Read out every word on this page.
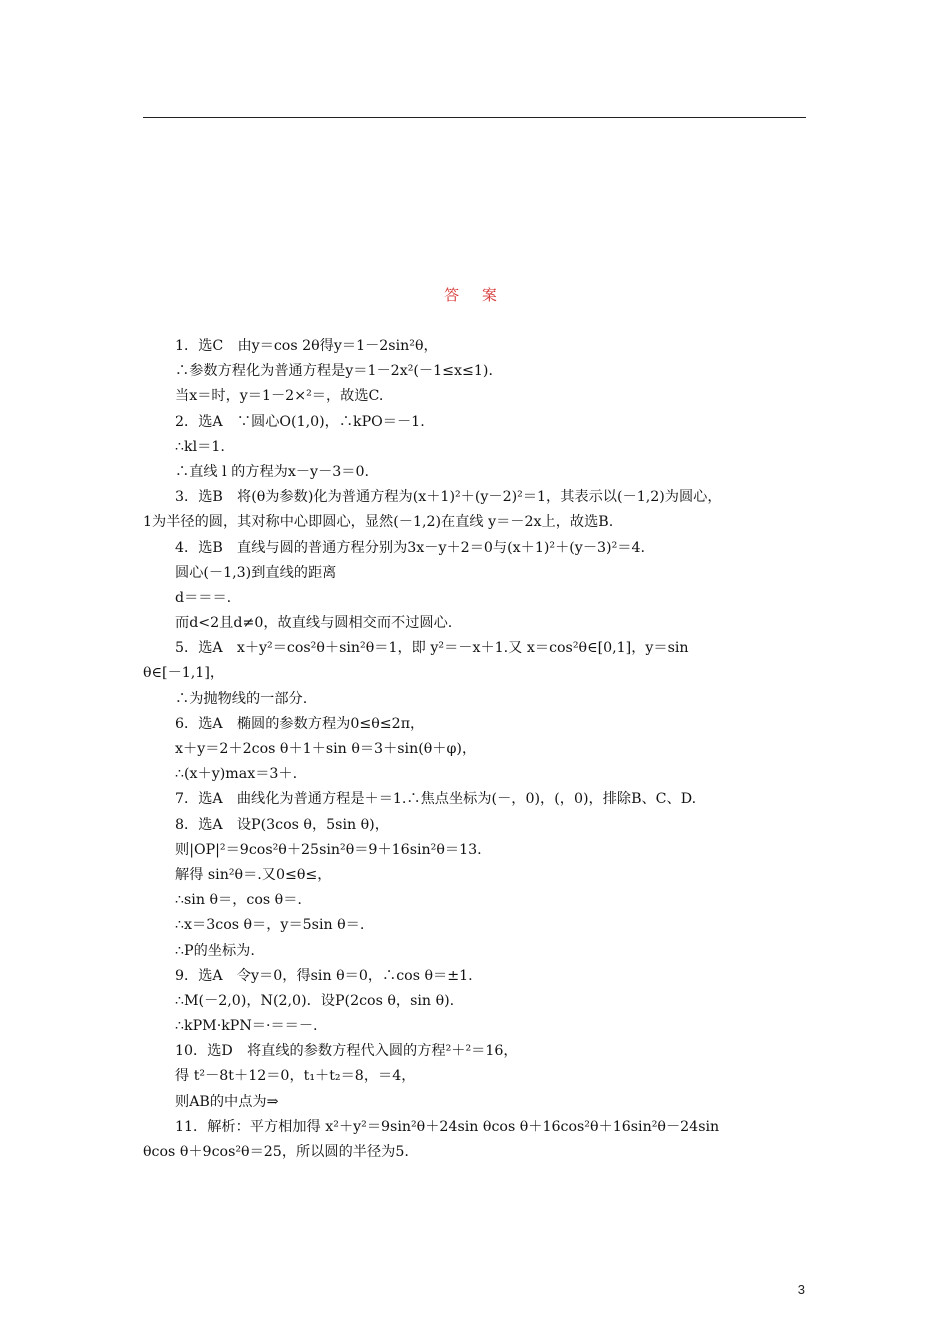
答 案
1．选C　由y＝cos 2θ得y＝1－2sin²θ，
∴参数方程化为普通方程是y＝1－2x²(－1≤x≤1)．
当x＝时，y＝1－2×²＝，故选C.
2．选A　∵圆心O(1,0)，∴kPO＝－1.
∴kl＝1.
∴直线 l 的方程为x－y－3＝0.
3．选B　将(θ为参数)化为普通方程为(x＋1)²＋(y－2)²＝1，其表示以(－1,2)为圆心，
1为半径的圆，其对称中心即圆心，显然(－1,2)在直线 y＝－2x上，故选B.
4．选B　直线与圆的普通方程分别为3x－y＋2＝0与(x＋1)²＋(y－3)²＝4.
圆心(－1,3)到直线的距离
d＝＝＝.
而d<2且d≠0，故直线与圆相交而不过圆心.
5．选A　x＋y²＝cos²θ＋sin²θ＝1，即 y²＝－x＋1.又 x＝cos²θ∈[0,1]，y＝sin
θ∈[－1,1]，
∴为抛物线的一部分.
6．选A　椭圆的参数方程为0≤θ≤2π，
x＋y＝2＋2cos θ＋1＋sin θ＝3＋sin(θ＋φ)，
∴(x＋y)max＝3＋.
7．选A　曲线化为普通方程是＋＝1.∴焦点坐标为(－，0)，(，0)，排除B、C、D.
8．选A　设P(3cos θ，5sin θ)，
则|OP|²＝9cos²θ＋25sin²θ＝9＋16sin²θ＝13.
解得 sin²θ＝.又0≤θ≤，
∴sin θ＝，cos θ＝.
∴x＝3cos θ＝，y＝5sin θ＝.
∴P的坐标为.
9．选A　令y＝0，得sin θ＝0，∴cos θ＝±1.
∴M(－2,0)，N(2,0)．设P(2cos θ，sin θ).
∴kPM·kPN＝·＝＝－.
10．选D　将直线的参数方程代入圆的方程²＋²＝16，
得 t²－8t＋12＝0，t₁＋t₂＝8，＝4，
则AB的中点为⇒
11．解析：平方相加得 x²＋y²＝9sin²θ＋24sin θcos θ＋16cos²θ＋16sin²θ－24sin
θcos θ＋9cos²θ＝25，所以圆的半径为5.
3
